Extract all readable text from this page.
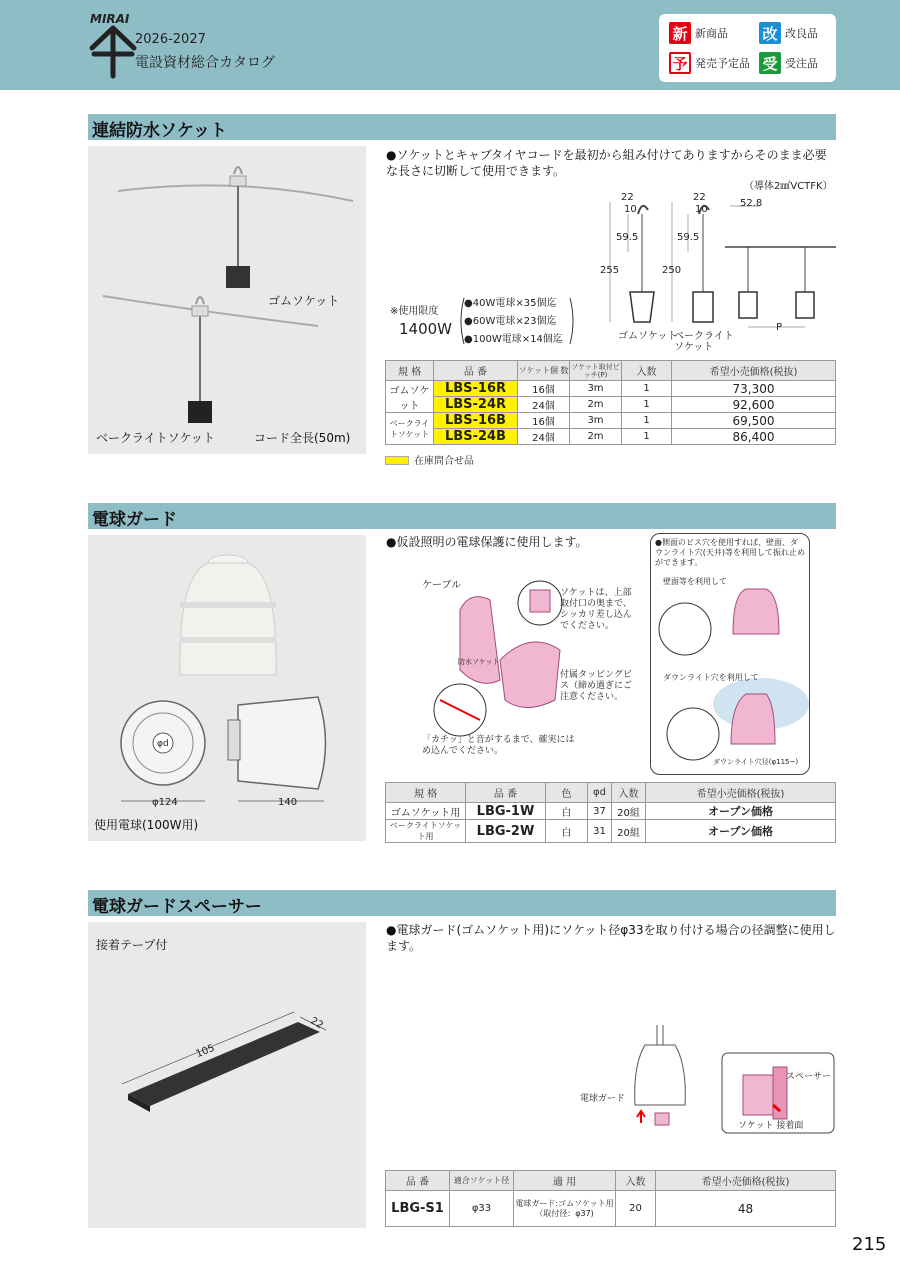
MIRAI
2026-2027
電設資材総合カタログ
新 新商品 改 改良品
予 発売予定品 受 受注品
連結防水ソケット
ゴムソケット
ベークライトソケット	コード全長(50m)
●ソケットとキャブタイヤコードを最初から組み付けてありますからそのまま必要な長さに切断して使用できます。
（導体2㎟VCTFK）
22
10
59.5
255
22
10
59.5
250
52.8
P
ゴムソケット
ベークライト
ソケット
※使用限度
1400W
●40W電球×35個迄
●60W電球×23個迄
●100W電球×14個迄
規 格	品 番	ソケット個 数	ソケット取付ピッチ(P)	入数	希望小売価格(税抜)
ゴムソケット	LBS-16R	16個	3m	1	73,300
	LBS-24R	24個	2m	1	92,600
ベークライトソケット	LBS-16B	16個	3m	1	69,500
	LBS-24B	24個	2m	1	86,400
在庫問合せ品
電球ガード
φd
φ124	140
使用電球(100W用)
●仮設照明の電球保護に使用します。
ケーブル
ソケットは、上部取付口の奥まで、シッカリ差し込んでください。
防水ソケット
付属タッピングビス（締め過ぎにご注意ください。
「カチッ」と音がするまで、確実にはめ込んでください。
●側面のビス穴を使用すれば、壁面、ダウンライト穴(天井)等を利用して振れ止めができます。
壁面等を利用して
ダウンライト穴を利用して
ダウンライト穴径(φ115~)
規 格	品 番	色	φd	入数	希望小売価格(税抜)
ゴムソケット用	LBG-1W	白	37	20組	オープン価格
ベークライトソケット用	LBG-2W	白	31	20組	オープン価格
電球ガードスペーサー
接着テープ付
105
22
●電球ガード(ゴムソケット用)にソケット径φ33を取り付ける場合の径調整に使用します。
電球ガード
スペーサー
ソケット 接着面
品 番	適合ソケット径	適 用	入数	希望小売価格(税抜)
LBG-S1	φ33	電球ガード:ゴムソケット用（取付径：φ37)	20	48
215
